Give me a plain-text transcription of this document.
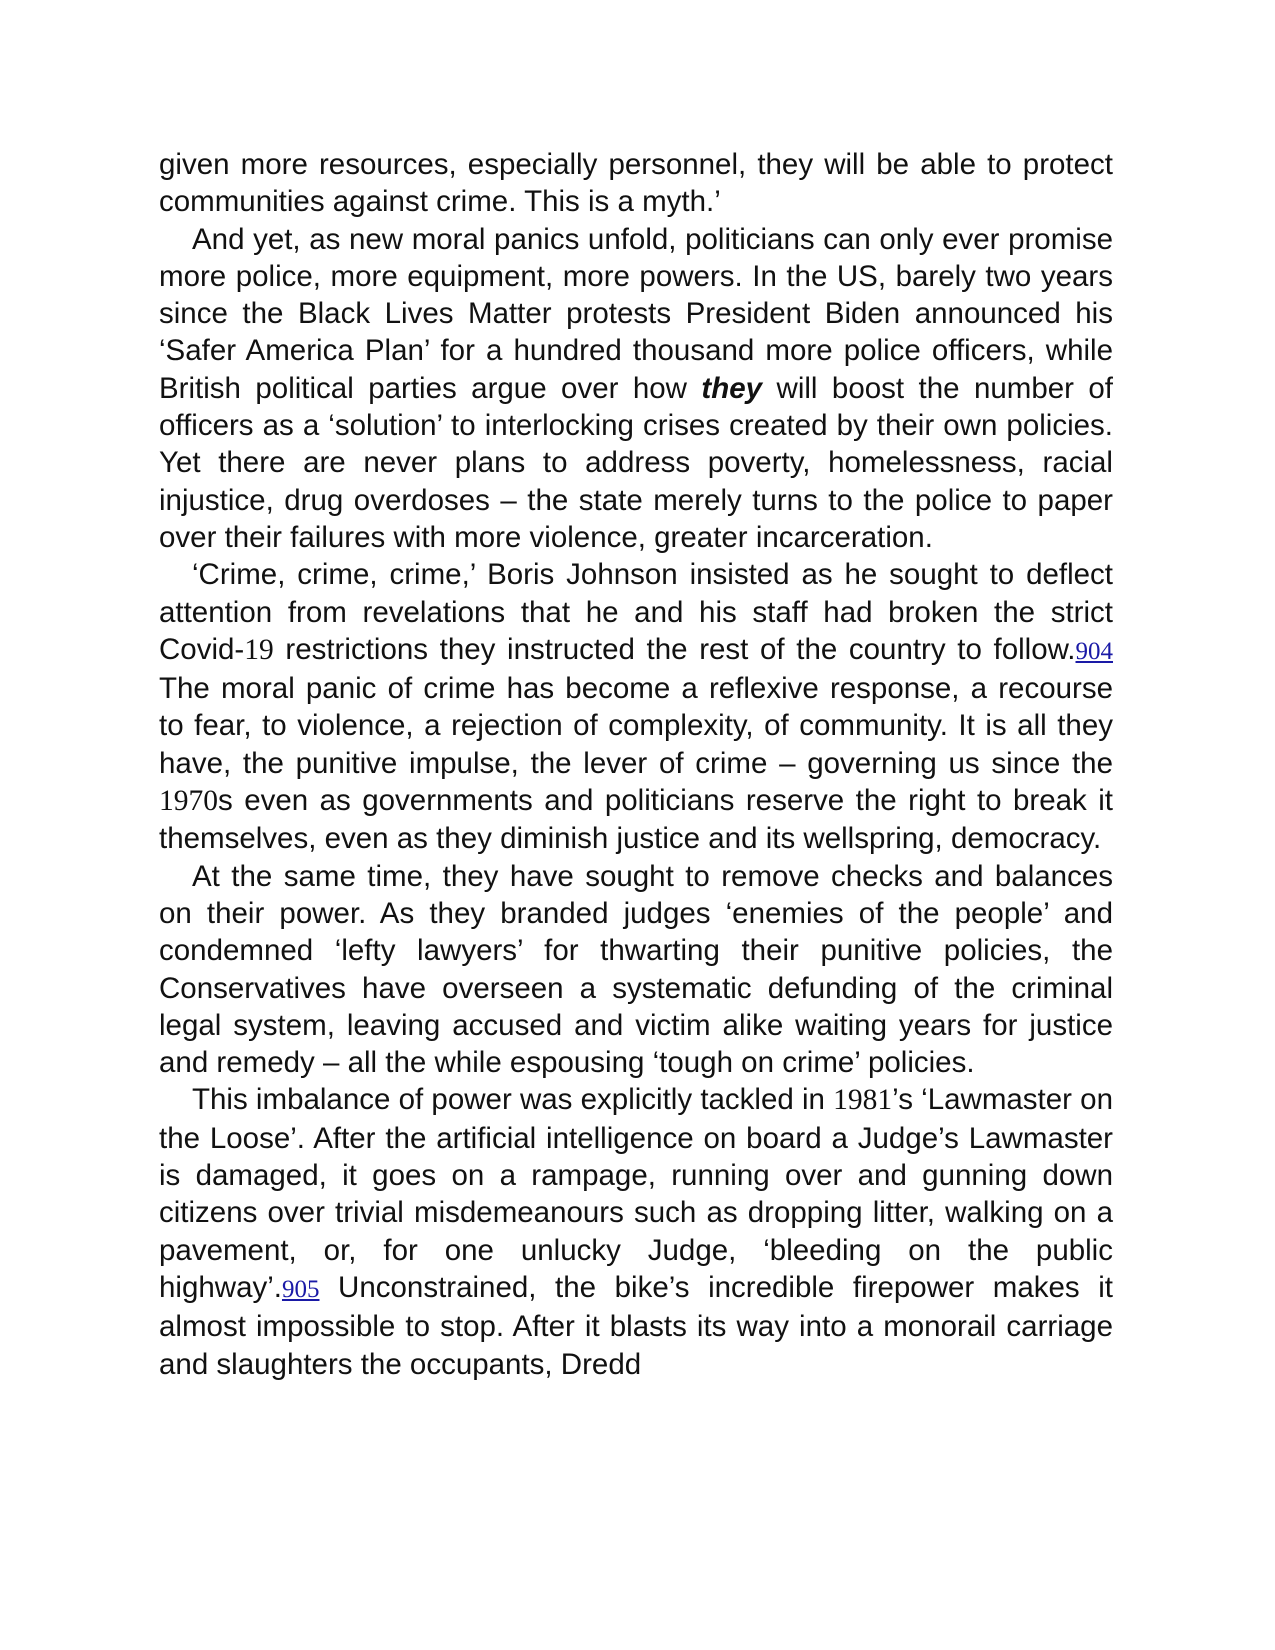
given more resources, especially personnel, they will be able to protect communities against crime. This is a myth.’

And yet, as new moral panics unfold, politicians can only ever promise more police, more equipment, more powers. In the US, barely two years since the Black Lives Matter protests President Biden announced his ‘Safer America Plan’ for a hundred thousand more police officers, while British political parties argue over how they will boost the number of officers as a ‘solution’ to interlocking crises created by their own policies. Yet there are never plans to address poverty, homelessness, racial injustice, drug overdoses – the state merely turns to the police to paper over their failures with more violence, greater incarceration.

‘Crime, crime, crime,’ Boris Johnson insisted as he sought to deflect attention from revelations that he and his staff had broken the strict Covid-19 restrictions they instructed the rest of the country to follow.904 The moral panic of crime has become a reflexive response, a recourse to fear, to violence, a rejection of complexity, of community. It is all they have, the punitive impulse, the lever of crime – governing us since the 1970s even as governments and politicians reserve the right to break it themselves, even as they diminish justice and its wellspring, democracy.

At the same time, they have sought to remove checks and balances on their power. As they branded judges ‘enemies of the people’ and condemned ‘lefty lawyers’ for thwarting their punitive policies, the Conservatives have overseen a systematic defunding of the criminal legal system, leaving accused and victim alike waiting years for justice and remedy – all the while espousing ‘tough on crime’ policies.

This imbalance of power was explicitly tackled in 1981’s ‘Lawmaster on the Loose’. After the artificial intelligence on board a Judge’s Lawmaster is damaged, it goes on a rampage, running over and gunning down citizens over trivial misdemeanours such as dropping litter, walking on a pavement, or, for one unlucky Judge, ‘bleeding on the public highway’.905 Unconstrained, the bike’s incredible firepower makes it almost impossible to stop. After it blasts its way into a monorail carriage and slaughters the occupants, Dredd
